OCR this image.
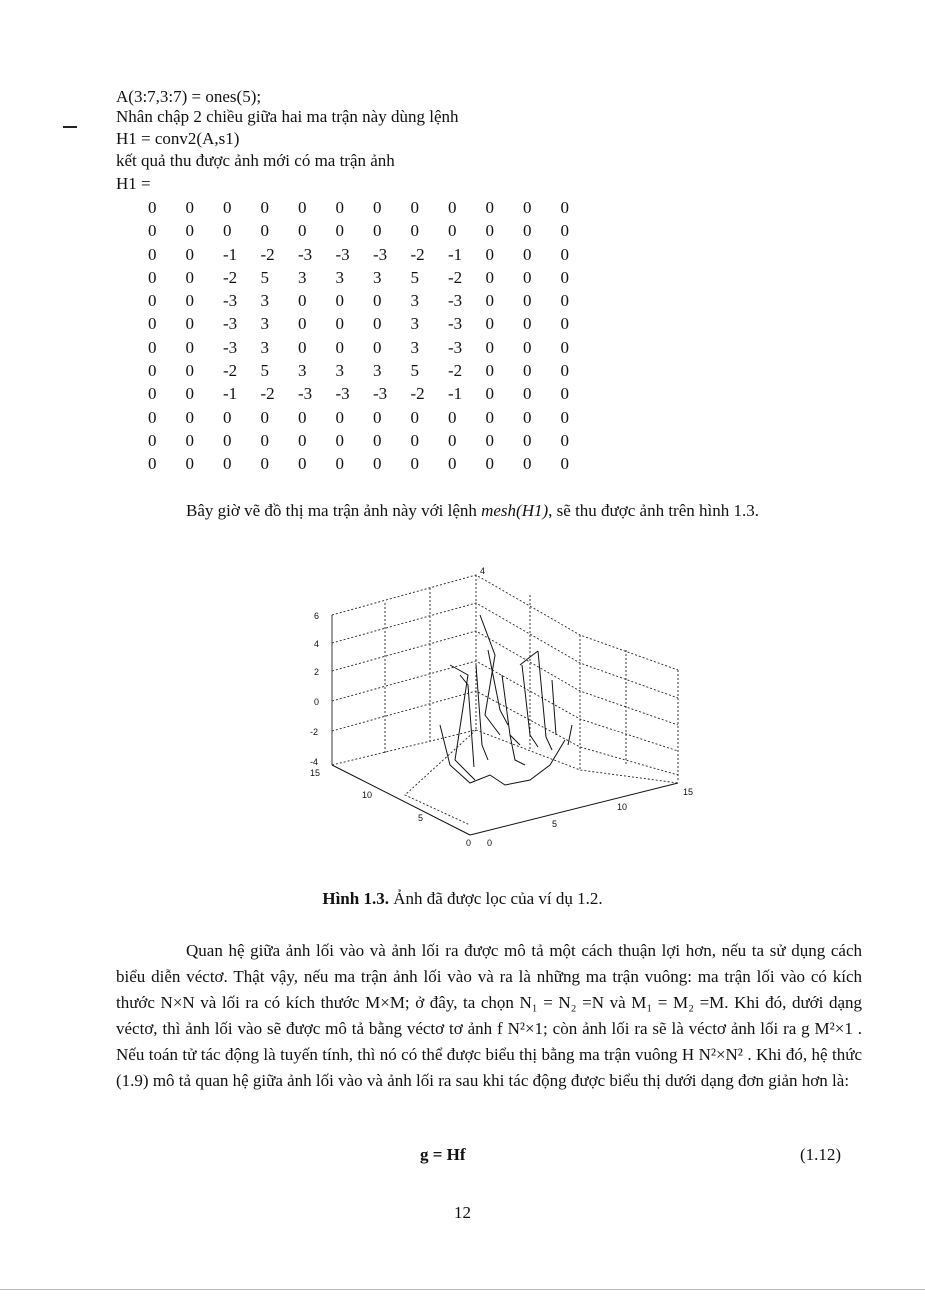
A(3:7,3:7) = ones(5);
Nhân chập 2 chiều giữa hai ma trận này dùng lệnh
H1 = conv2(A,s1)
kết quả thu được ảnh mới có ma trận ảnh
H1 =
0	0	0	0	0	0	0	0	0	0	0	0
0	0	0	0	0	0	0	0	0	0	0	0
0	0	-1	-2	-3	-3	-3	-2	-1	0	0	0
0	0	-2	5	3	3	3	5	-2	0	0	0
0	0	-3	3	0	0	0	3	-3	0	0	0
0	0	-3	3	0	0	0	3	-3	0	0	0
0	0	-3	3	0	0	0	3	-3	0	0	0
0	0	-2	5	3	3	3	5	-2	0	0	0
0	0	-1	-2	-3	-3	-3	-2	-1	0	0	0
0	0	0	0	0	0	0	0	0	0	0	0
0	0	0	0	0	0	0	0	0	0	0	0
0	0	0	0	0	0	0	0	0	0	0	0
Bây giờ vẽ đồ thị ma trận ảnh này với lệnh mesh(H1), sẽ thu được ảnh trên hình 1.3.
6
4
2
0
-2
-4
15
10
5
0 0
5
10
15
4
Hình 1.3. Ảnh đã được lọc của ví dụ 1.2.
Quan hệ giữa ảnh lối vào và ảnh lối ra được mô tả một cách thuận lợi hơn, nếu ta sử dụng cách biểu diễn véctơ. Thật vậy, nếu ma trận ảnh lối vào và ra là những ma trận vuông: ma trận lối vào có kích thước N×N và lối ra có kích thước M×M; ở đây, ta chọn N₁ = N₂ =N và M₁ = M₂ =M. Khi đó, dưới dạng véctơ, thì ảnh lối vào sẽ được mô tả bằng véctơ tơ ảnh f N²×1; còn ảnh lối ra sẽ là véctơ ảnh lối ra g M²×1 . Nếu toán tử tác động là tuyến tính, thì nó có thể được biểu thị bằng ma trận vuông H N²×N² . Khi đó, hệ thức (1.9) mô tả quan hệ giữa ảnh lối vào và ảnh lối ra sau khi tác động được biểu thị dưới dạng đơn giản hơn là:
g = Hf	(1.12)
12
